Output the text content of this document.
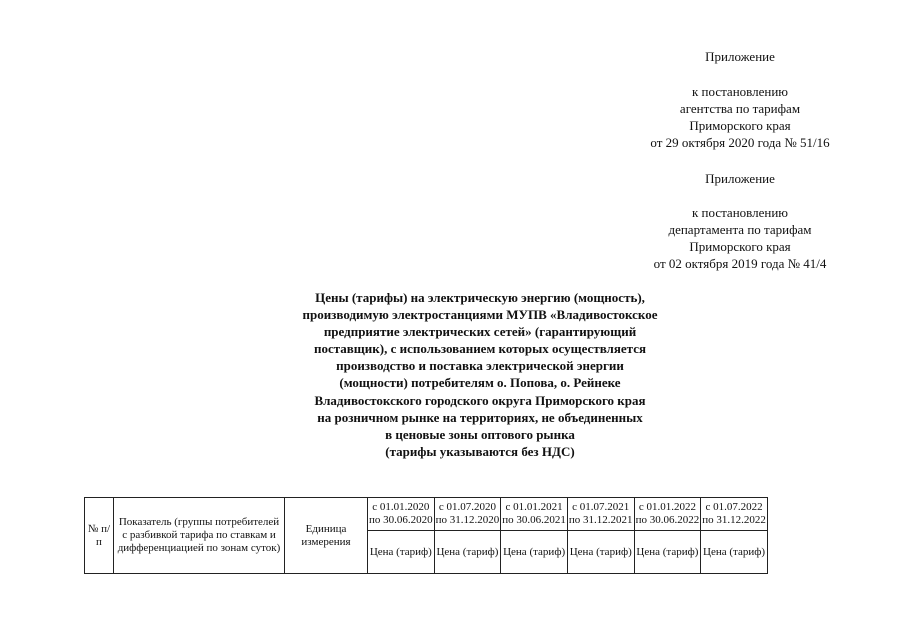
Приложение
к постановлению
агентства по тарифам
Приморского края
от 29 октября 2020 года № 51/16
Приложение
к постановлению
департамента по тарифам
Приморского края
от 02 октября 2019 года № 41/4
Цены (тарифы) на электрическую энергию (мощность),
производимую электростанциями МУПВ «Владивостокское
предприятие электрических сетей» (гарантирующий
поставщик), с использованием которых осуществляется
производство и поставка электрической энергии
(мощности) потребителям о. Попова, о. Рейнеке
Владивостокского городского округа Приморского края
на розничном рынке на территориях, не объединенных
в ценовые зоны оптового рынка
(тарифы указываются без НДС)
№ п/п	Показатель (группы потребителей с разбивкой тарифа по ставкам и дифференциацией по зонам суток)	Единица измерения	с 01.01.2020
по 30.06.2020	с 01.07.2020
по 31.12.2020	с 01.01.2021
по 30.06.2021	с 01.07.2021
по 31.12.2021	с 01.01.2022
по 30.06.2022	с 01.07.2022
по 31.12.2022

			Цена (тариф)	Цена (тариф)	Цена (тариф)	Цена (тариф)	Цена (тариф)	Цена (тариф)
